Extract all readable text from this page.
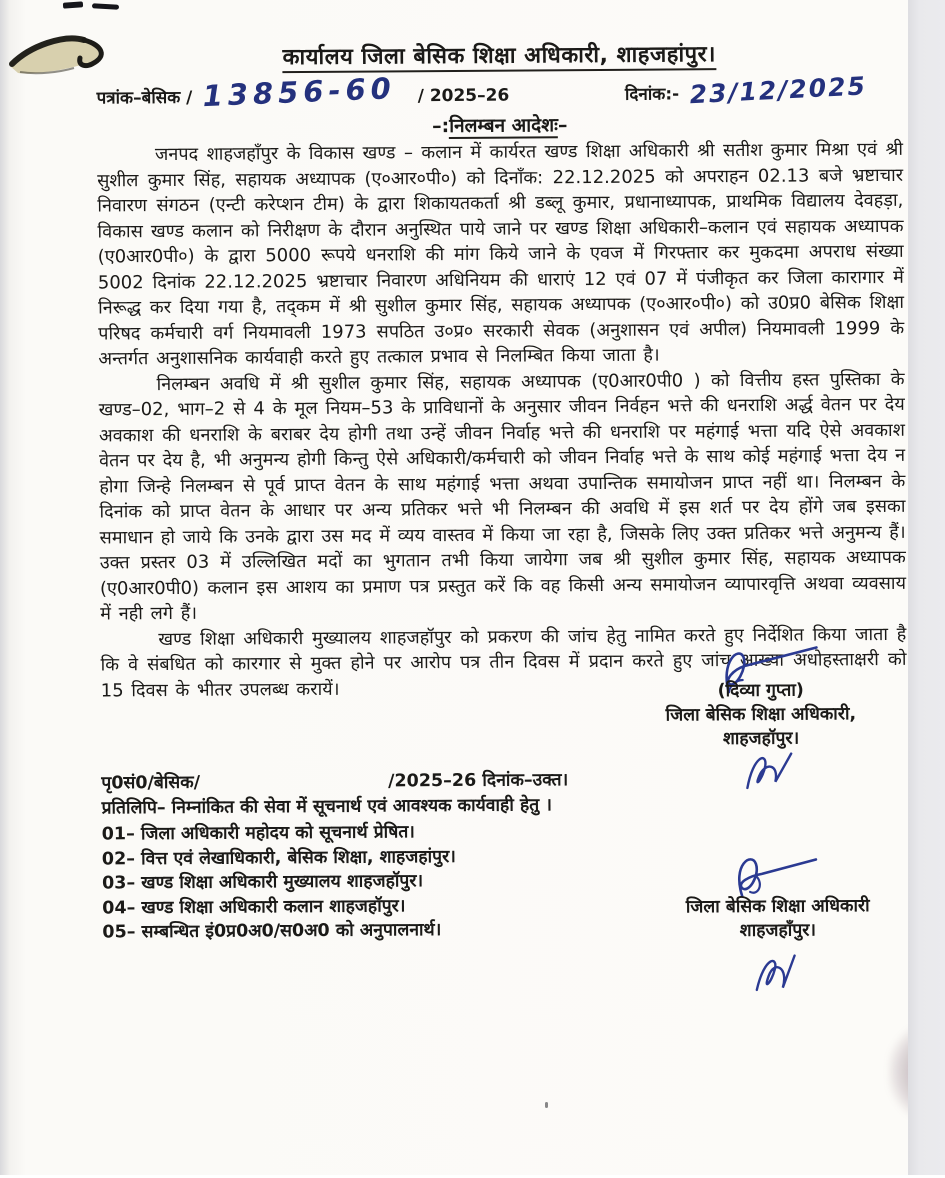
कार्यालय जिला बेसिक शिक्षा अधिकारी, शाहजहांपुर।
पत्रांक–बेसिक / 13856-60 / 2025–26	दिनांक:- 23/12/2025
–:निलम्बन आदेशः–

जनपद शाहजहाँपुर के विकास खण्ड – कलान में कार्यरत खण्ड शिक्षा अधिकारी श्री सतीश कुमार मिश्रा एवं श्री सुशील कुमार सिंह, सहायक अध्यापक (ए०आर०पी०) को दिनाँक: 22.12.2025 को अपराहन 02.13 बजे भ्रष्टाचार निवारण संगठन (एन्टी करेप्शन टीम) के द्वारा शिकायतकर्ता श्री डब्लू कुमार, प्रधानाध्यापक, प्राथमिक विद्यालय देवहड़ा, विकास खण्ड कलान को निरीक्षण के दौरान अनुस्थित पाये जाने पर खण्ड शिक्षा अधिकारी–कलान एवं सहायक अध्यापक (ए0आर0पी०) के द्वारा 5000 रूपये धनराशि की मांग किये जाने के एवज में गिरफ्तार कर मुकदमा अपराध संख्या 5002 दिनांक 22.12.2025 भ्रष्टाचार निवारण अधिनियम की धाराएं 12 एवं 07 में पंजीकृत कर जिला कारागार में निरूद्ध कर दिया गया है, तद्कम में श्री सुशील कुमार सिंह, सहायक अध्यापक (ए०आर०पी०) को उ0प्र0 बेसिक शिक्षा परिषद कर्मचारी वर्ग नियमावली 1973 सपठित उ०प्र० सरकारी सेवक (अनुशासन एवं अपील) नियमावली 1999 के अन्तर्गत अनुशासनिक कार्यवाही करते हुए तत्काल प्रभाव से निलम्बित किया जाता है।

निलम्बन अवधि में श्री सुशील कुमार सिंह, सहायक अध्यापक (ए0आर0पी0 ) को वित्तीय हस्त पुस्तिका के खण्ड–02, भाग–2 से 4 के मूल नियम–53 के प्राविधानों के अनुसार जीवन निर्वहन भत्ते की धनराशि अर्द्ध वेतन पर देय अवकाश की धनराशि के बराबर देय होगी तथा उन्हें जीवन निर्वाह भत्ते की धनराशि पर महंगाई भत्ता यदि ऐसे अवकाश वेतन पर देय है, भी अनुमन्य होगी किन्तु ऐसे अधिकारी/कर्मचारी को जीवन निर्वाह भत्ते के साथ कोई महंगाई भत्ता देय न होगा जिन्हे निलम्बन से पूर्व प्राप्त वेतन के साथ महंगाई भत्ता अथवा उपान्तिक समायोजन प्राप्त नहीं था। निलम्बन के दिनांक को प्राप्त वेतन के आधार पर अन्य प्रतिकर भत्ते भी निलम्बन की अवधि में इस शर्त पर देय होंगे जब इसका समाधान हो जाये कि उनके द्वारा उस मद में व्यय वास्तव में किया जा रहा है, जिसके लिए उक्त प्रतिकर भत्ते अनुमन्य हैं। उक्त प्रस्तर 03 में उल्लिखित मदों का भुगतान तभी किया जायेगा जब श्री सुशील कुमार सिंह, सहायक अध्यापक (ए0आर0पी0) कलान इस आशय का प्रमाण पत्र प्रस्तुत करें कि वह किसी अन्य समायोजन व्यापारवृत्ति अथवा व्यवसाय में नही लगे हैं।

खण्ड शिक्षा अधिकारी मुख्यालय शाहजहॉपुर को प्रकरण की जांच हेतु नामित करते हुए निर्देशित किया जाता है कि वे संबधित को कारगार से मुक्त होने पर आरोप पत्र तीन दिवस में प्रदान करते हुए जांच आख्या अधोहस्ताक्षरी को 15 दिवस के भीतर उपलब्ध करायें।	(दिव्या गुप्ता)
जिला बेसिक शिक्षा अधिकारी,
शाहजहॉपुर।
पृ0सं0/बेसिक/	/2025–26 दिनांक–उक्त।
प्रतिलिपि– निम्नांकित की सेवा में सूचनार्थ एवं आवश्यक कार्यवाही हेतु ।
01– जिला अधिकारी महोदय को सूचनार्थ प्रेषित।
02– वित्त एवं लेखाधिकारी, बेसिक शिक्षा, शाहजहांपुर।
03– खण्ड शिक्षा अधिकारी मुख्यालय शाहजहॉपुर।
04– खण्ड शिक्षा अधिकारी कलान शाहजहॉपुर।
05– सम्बन्धित इं0प्र0अ0/स0अ0 को अनुपालनार्थ।
जिला बेसिक शिक्षा अधिकारी
शाहजहाँपुर।
